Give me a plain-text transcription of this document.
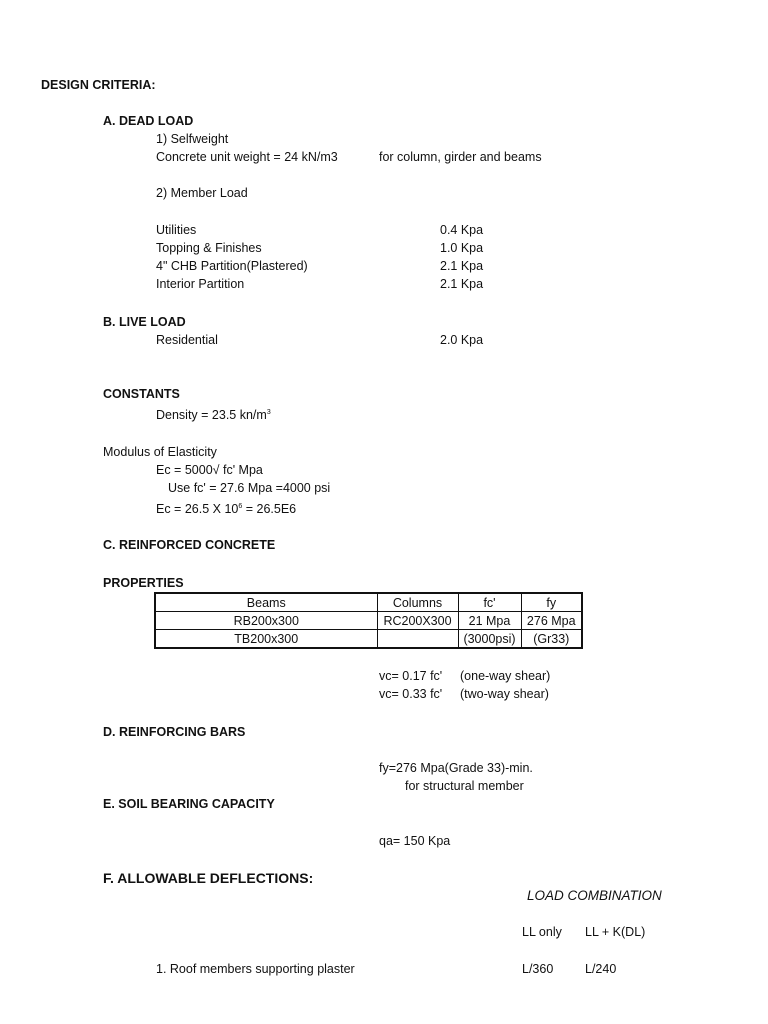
DESIGN CRITERIA:
A. DEAD LOAD
1) Selfweight
Concrete unit weight = 24 kN/m3	for column, girder and beams
2) Member Load
Utilities	0.4 Kpa
Topping & Finishes	1.0 Kpa
4" CHB Partition(Plastered)	2.1 Kpa
Interior Partition	2.1 Kpa
B. LIVE LOAD
Residential	2.0 Kpa
CONSTANTS
Density = 23.5 $kn/m^3$
Modulus of Elasticity
Ec = 5000√ fc' Mpa
Use fc' = 27.6 Mpa =4000 psi
Ec = 26.5 X $10^6 = 26.5E6$
C. REINFORCED CONCRETE
PROPERTIES
Beams	Columns	fc'	fy
RB200x300	RC200X300	21 Mpa	276 Mpa
TB200x300		(3000psi)	(Gr33)
vc= 0.17 fc' (one-way shear)
vc= 0.33 fc' (two-way shear)
D. REINFORCING BARS
fy=276 Mpa(Grade 33)-min.
for structural member
E. SOIL BEARING CAPACITY
qa= 150 Kpa
F. ALLOWABLE DEFLECTIONS:
LOAD COMBINATION
LL only LL + K(DL)
1. Roof members supporting plaster	L/360	L/240
